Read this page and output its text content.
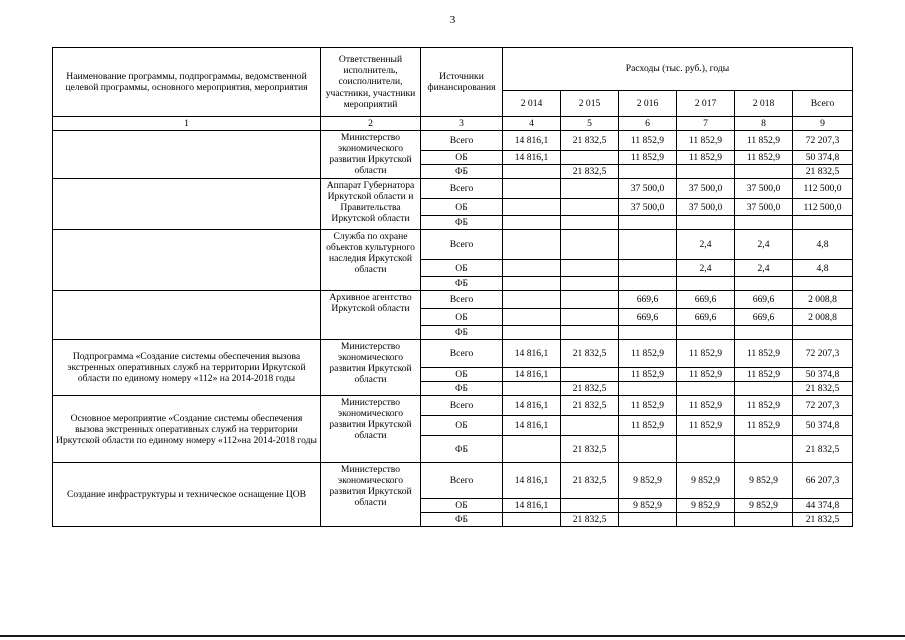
3
Наименование программы, подпрограммы, ведомственной целевой программы, основного мероприятия, мероприятия	Ответственный исполнитель, соисполнители, участники, участники мероприятий	Источники финансирования	Расходы (тыс. руб.), годы					
			2 014	2 015	2 016	2 017	2 018	Всего
1	2	3	4	5	6	7	8	9
	Министерство экономического развития Иркутской области	Всего	14 816,1	21 832,5	11 852,9	11 852,9	11 852,9	72 207,3
		ОБ	14 816,1		11 852,9	11 852,9	11 852,9	50 374,8
		ФБ		21 832,5				21 832,5
	Аппарат Губернатора Иркутской области и Правительства Иркутской области	Всего			37 500,0	37 500,0	37 500,0	112 500,0
		ОБ			37 500,0	37 500,0	37 500,0	112 500,0
		ФБ						
	Служба по охране объектов культурного наследия Иркутской области	Всего				2,4	2,4	4,8
		ОБ				2,4	2,4	4,8
		ФБ						
	Архивное агентство Иркутской области	Всего			669,6	669,6	669,6	2 008,8
		ОБ			669,6	669,6	669,6	2 008,8
		ФБ						
Подпрограмма «Создание системы обеспечения вызова экстренных оперативных служб на территории Иркутской области по единому номеру «112» на 2014-2018 годы	Министерство экономического развития Иркутской области	Всего	14 816,1	21 832,5	11 852,9	11 852,9	11 852,9	72 207,3
		ОБ	14 816,1		11 852,9	11 852,9	11 852,9	50 374,8
		ФБ		21 832,5				21 832,5
Основное мероприятие «Создание системы обеспечения вызова экстренных оперативных служб на территории Иркутской области по единому номеру «112»на 2014-2018 годы	Министерство экономического развития Иркутской области	Всего	14 816,1	21 832,5	11 852,9	11 852,9	11 852,9	72 207,3
		ОБ	14 816,1		11 852,9	11 852,9	11 852,9	50 374,8
		ФБ		21 832,5				21 832,5
Создание инфраструктуры и техническое оснащение ЦОВ	Министерство экономического развития Иркутской области	Всего	14 816,1	21 832,5	9 852,9	9 852,9	9 852,9	66 207,3
		ОБ	14 816,1		9 852,9	9 852,9	9 852,9	44 374,8
		ФБ		21 832,5				21 832,5
